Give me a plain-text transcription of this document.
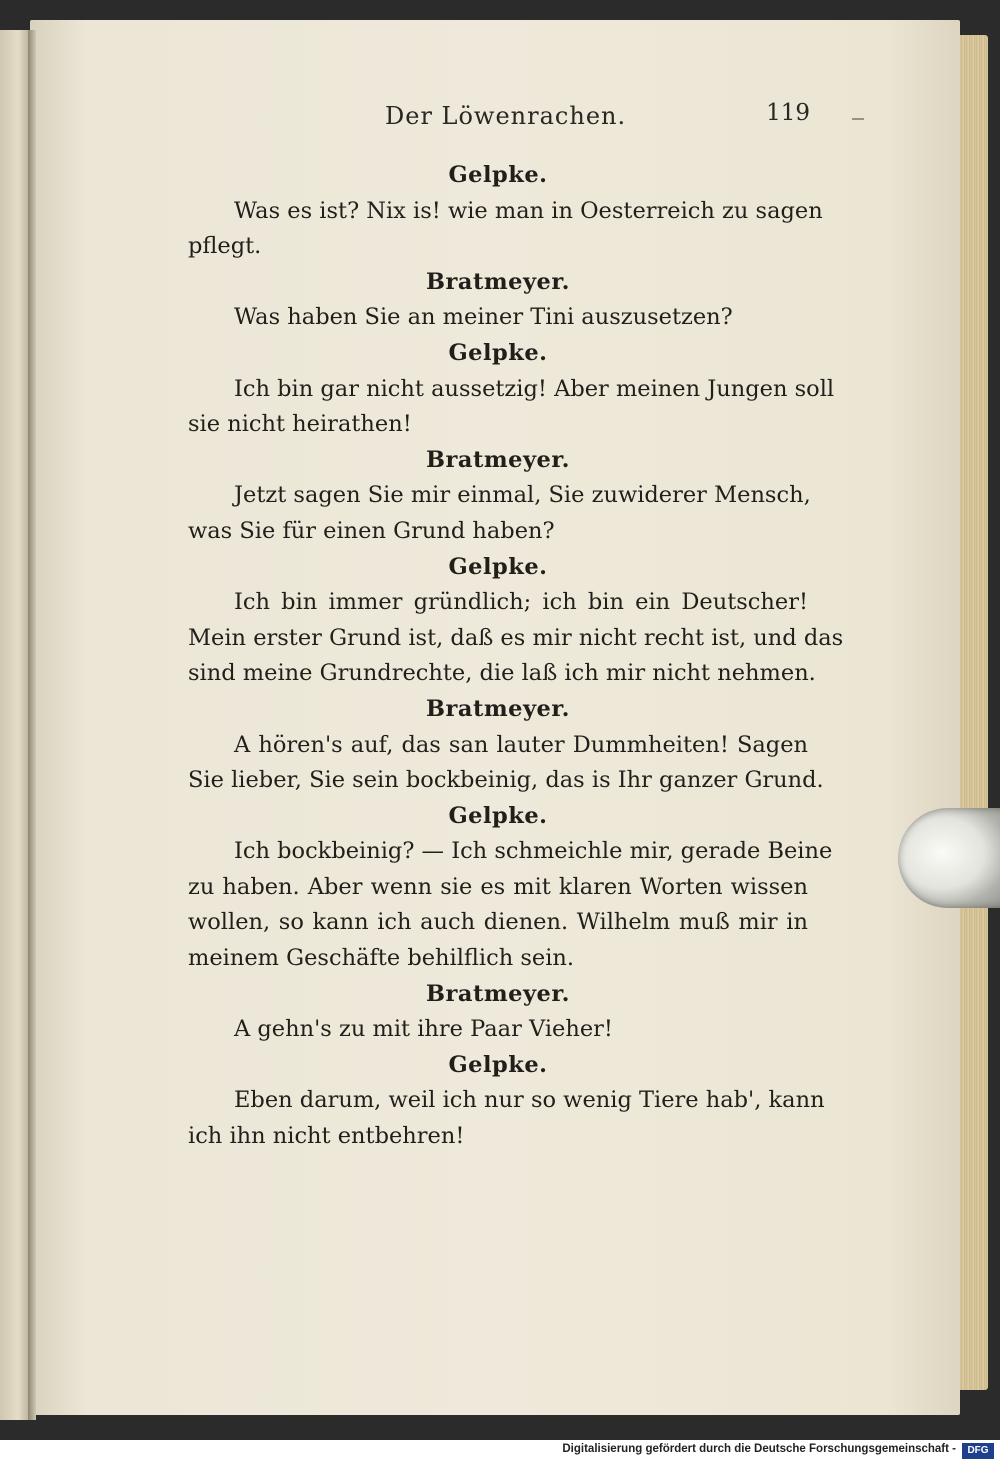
Der Löwenrachen.	119
Gelpke.
Was es ist? Nix is! wie man in Oesterreich zu sagen
pflegt.
Bratmeyer.
Was haben Sie an meiner Tini auszusetzen?
Gelpke.
Ich bin gar nicht aussetzig! Aber meinen Jungen soll
sie nicht heirathen!
Bratmeyer.
Jetzt sagen Sie mir einmal, Sie zuwiderer Mensch,
was Sie für einen Grund haben?
Gelpke.
Ich bin immer gründlich; ich bin ein Deutscher!
Mein erster Grund ist, daß es mir nicht recht ist, und das
sind meine Grundrechte, die laß ich mir nicht nehmen.
Bratmeyer.
A hören's auf, das san lauter Dummheiten! Sagen
Sie lieber, Sie sein bockbeinig, das is Ihr ganzer Grund.
Gelpke.
Ich bockbeinig? — Ich schmeichle mir, gerade Beine
zu haben. Aber wenn sie es mit klaren Worten wissen
wollen, so kann ich auch dienen. Wilhelm muß mir in
meinem Geschäfte behilflich sein.
Bratmeyer.
A gehn's zu mit ihre Paar Vieher!
Gelpke.
Eben darum, weil ich nur so wenig Tiere hab', kann
ich ihn nicht entbehren!
Digitalisierung gefördert durch die Deutsche Forschungsgemeinschaft -	DFG
